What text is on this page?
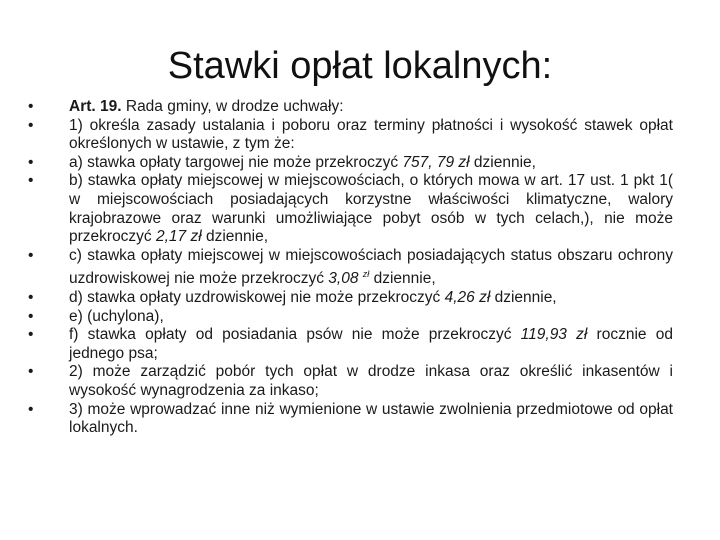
Stawki opłat lokalnych:
•	Art. 19. Rada gminy, w drodze uchwały:
•	1) określa zasady ustalania i poboru oraz terminy płatności i wysokość stawek opłat określonych w ustawie, z tym że:
•	a) stawka opłaty targowej nie może przekroczyć 757, 79 zł dziennie,
•	b) stawka opłaty miejscowej w miejscowościach, o których mowa w art. 17 ust. 1 pkt 1( w miejscowościach posiadających korzystne właściwości klimatyczne, walory krajobrazowe oraz warunki umożliwiające pobyt osób w tych celach,), nie może przekroczyć 2,17 zł dziennie,
•	c) stawka opłaty miejscowej w miejscowościach posiadających status obszaru ochrony uzdrowiskowej nie może przekroczyć 3,08 $^{zł}$ dziennie,
•	d) stawka opłaty uzdrowiskowej nie może przekroczyć 4,26 zł dziennie,
•	e) (uchylona),
•	f) stawka opłaty od posiadania psów nie może przekroczyć 119,93 zł rocznie od jednego psa;
•	2) może zarządzić pobór tych opłat w drodze inkasa oraz określić inkasentów i wysokość wynagrodzenia za inkaso;
•	3) może wprowadzać inne niż wymienione w ustawie zwolnienia przedmiotowe od opłat lokalnych.
